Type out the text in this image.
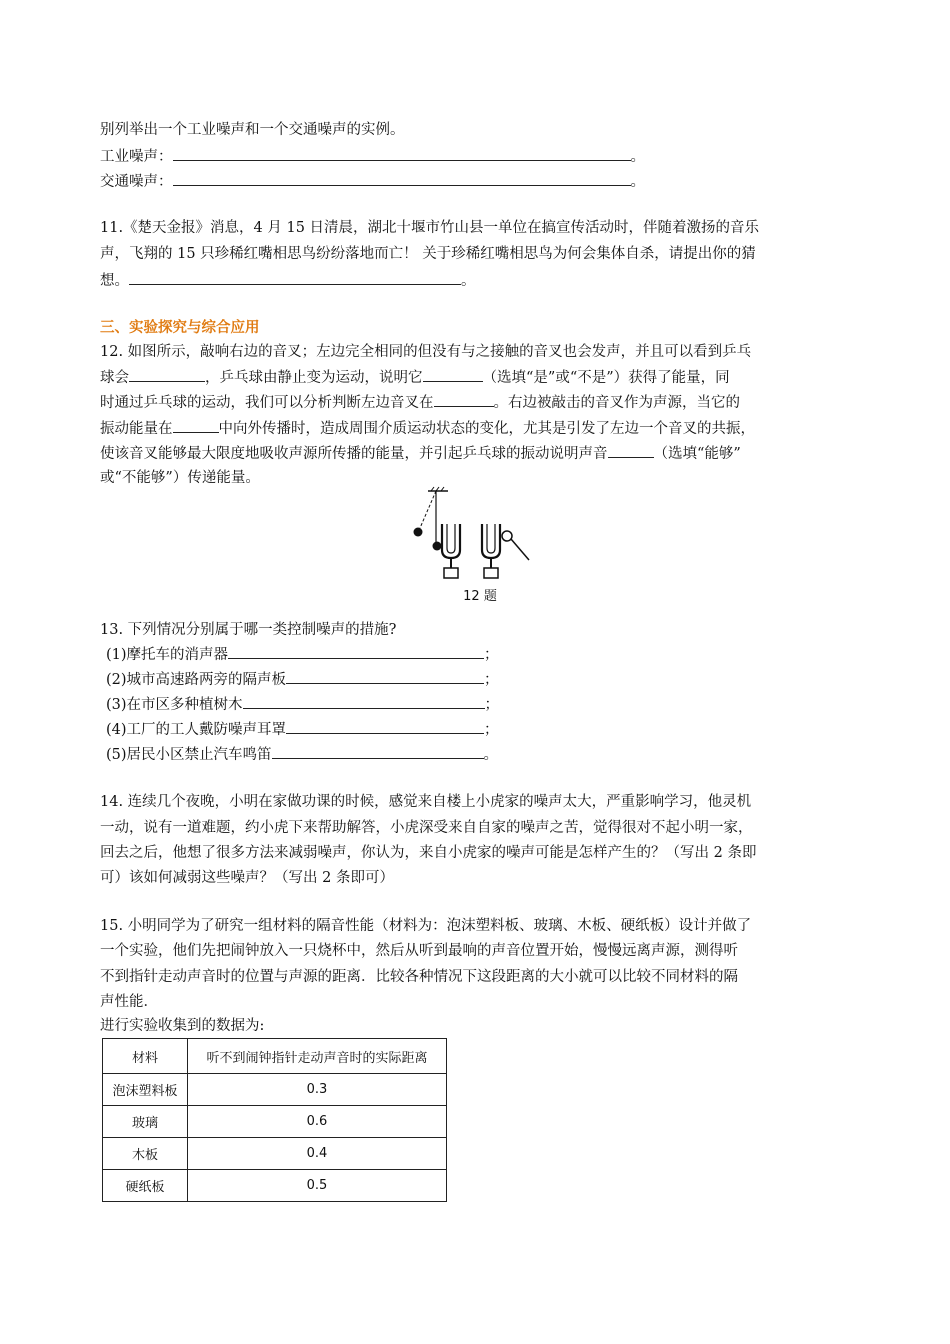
别列举出一个工业噪声和一个交通噪声的实例。
工业噪声：	。
交通噪声：	。
11.《楚天金报》消息，4 月 15 日清晨，湖北十堰市竹山县一单位在搞宣传活动时，伴随着激扬的音乐
声，飞翔的 15 只珍稀红嘴相思鸟纷纷落地而亡！ 关于珍稀红嘴相思鸟为何会集体自杀，请提出你的猜
想。	。
三、实验探究与综合应用
12. 如图所示，敲响右边的音叉；左边完全相同的但没有与之接触的音叉也会发声，并且可以看到乒乓
球会	，乒乓球由静止变为运动，说明它	（选填“是”或“不是”）获得了能量，同
时通过乒乓球的运动，我们可以分析判断左边音叉在	。右边被敲击的音叉作为声源，当它的
振动能量在	中向外传播时，造成周围介质运动状态的变化，尤其是引发了左边一个音叉的共振，
使该音叉能够最大限度地吸收声源所传播的能量，并引起乒乓球的振动说明声音	（选填“能够”
或“不能够”）传递能量。
12 题
13. 下列情况分别属于哪一类控制噪声的措施?
(1)摩托车的消声器	；
(2)城市高速路两旁的隔声板	；
(3)在市区多种植树木	；
(4)工厂的工人戴防噪声耳罩	；
(5)居民小区禁止汽车鸣笛	。
14. 连续几个夜晚，小明在家做功课的时候，感觉来自楼上小虎家的噪声太大，严重影响学习，他灵机
一动，说有一道难题，约小虎下来帮助解答，小虎深受来自自家的噪声之苦，觉得很对不起小明一家，
回去之后，他想了很多方法来减弱噪声，你认为，来自小虎家的噪声可能是怎样产生的？（写出 2 条即
可）该如何减弱这些噪声？（写出 2 条即可）
15. 小明同学为了研究一组材料的隔音性能（材料为：泡沫塑料板、玻璃、木板、硬纸板）设计并做了
一个实验，他们先把闹钟放入一只烧杯中，然后从听到最响的声音位置开始，慢慢远离声源，测得听
不到指针走动声音时的位置与声源的距离．比较各种情况下这段距离的大小就可以比较不同材料的隔
声性能．
进行实验收集到的数据为:
材料	听不到闹钟指针走动声音时的实际距离
泡沫塑料板	0.3
玻璃	0.6
木板	0.4
硬纸板	0.5
